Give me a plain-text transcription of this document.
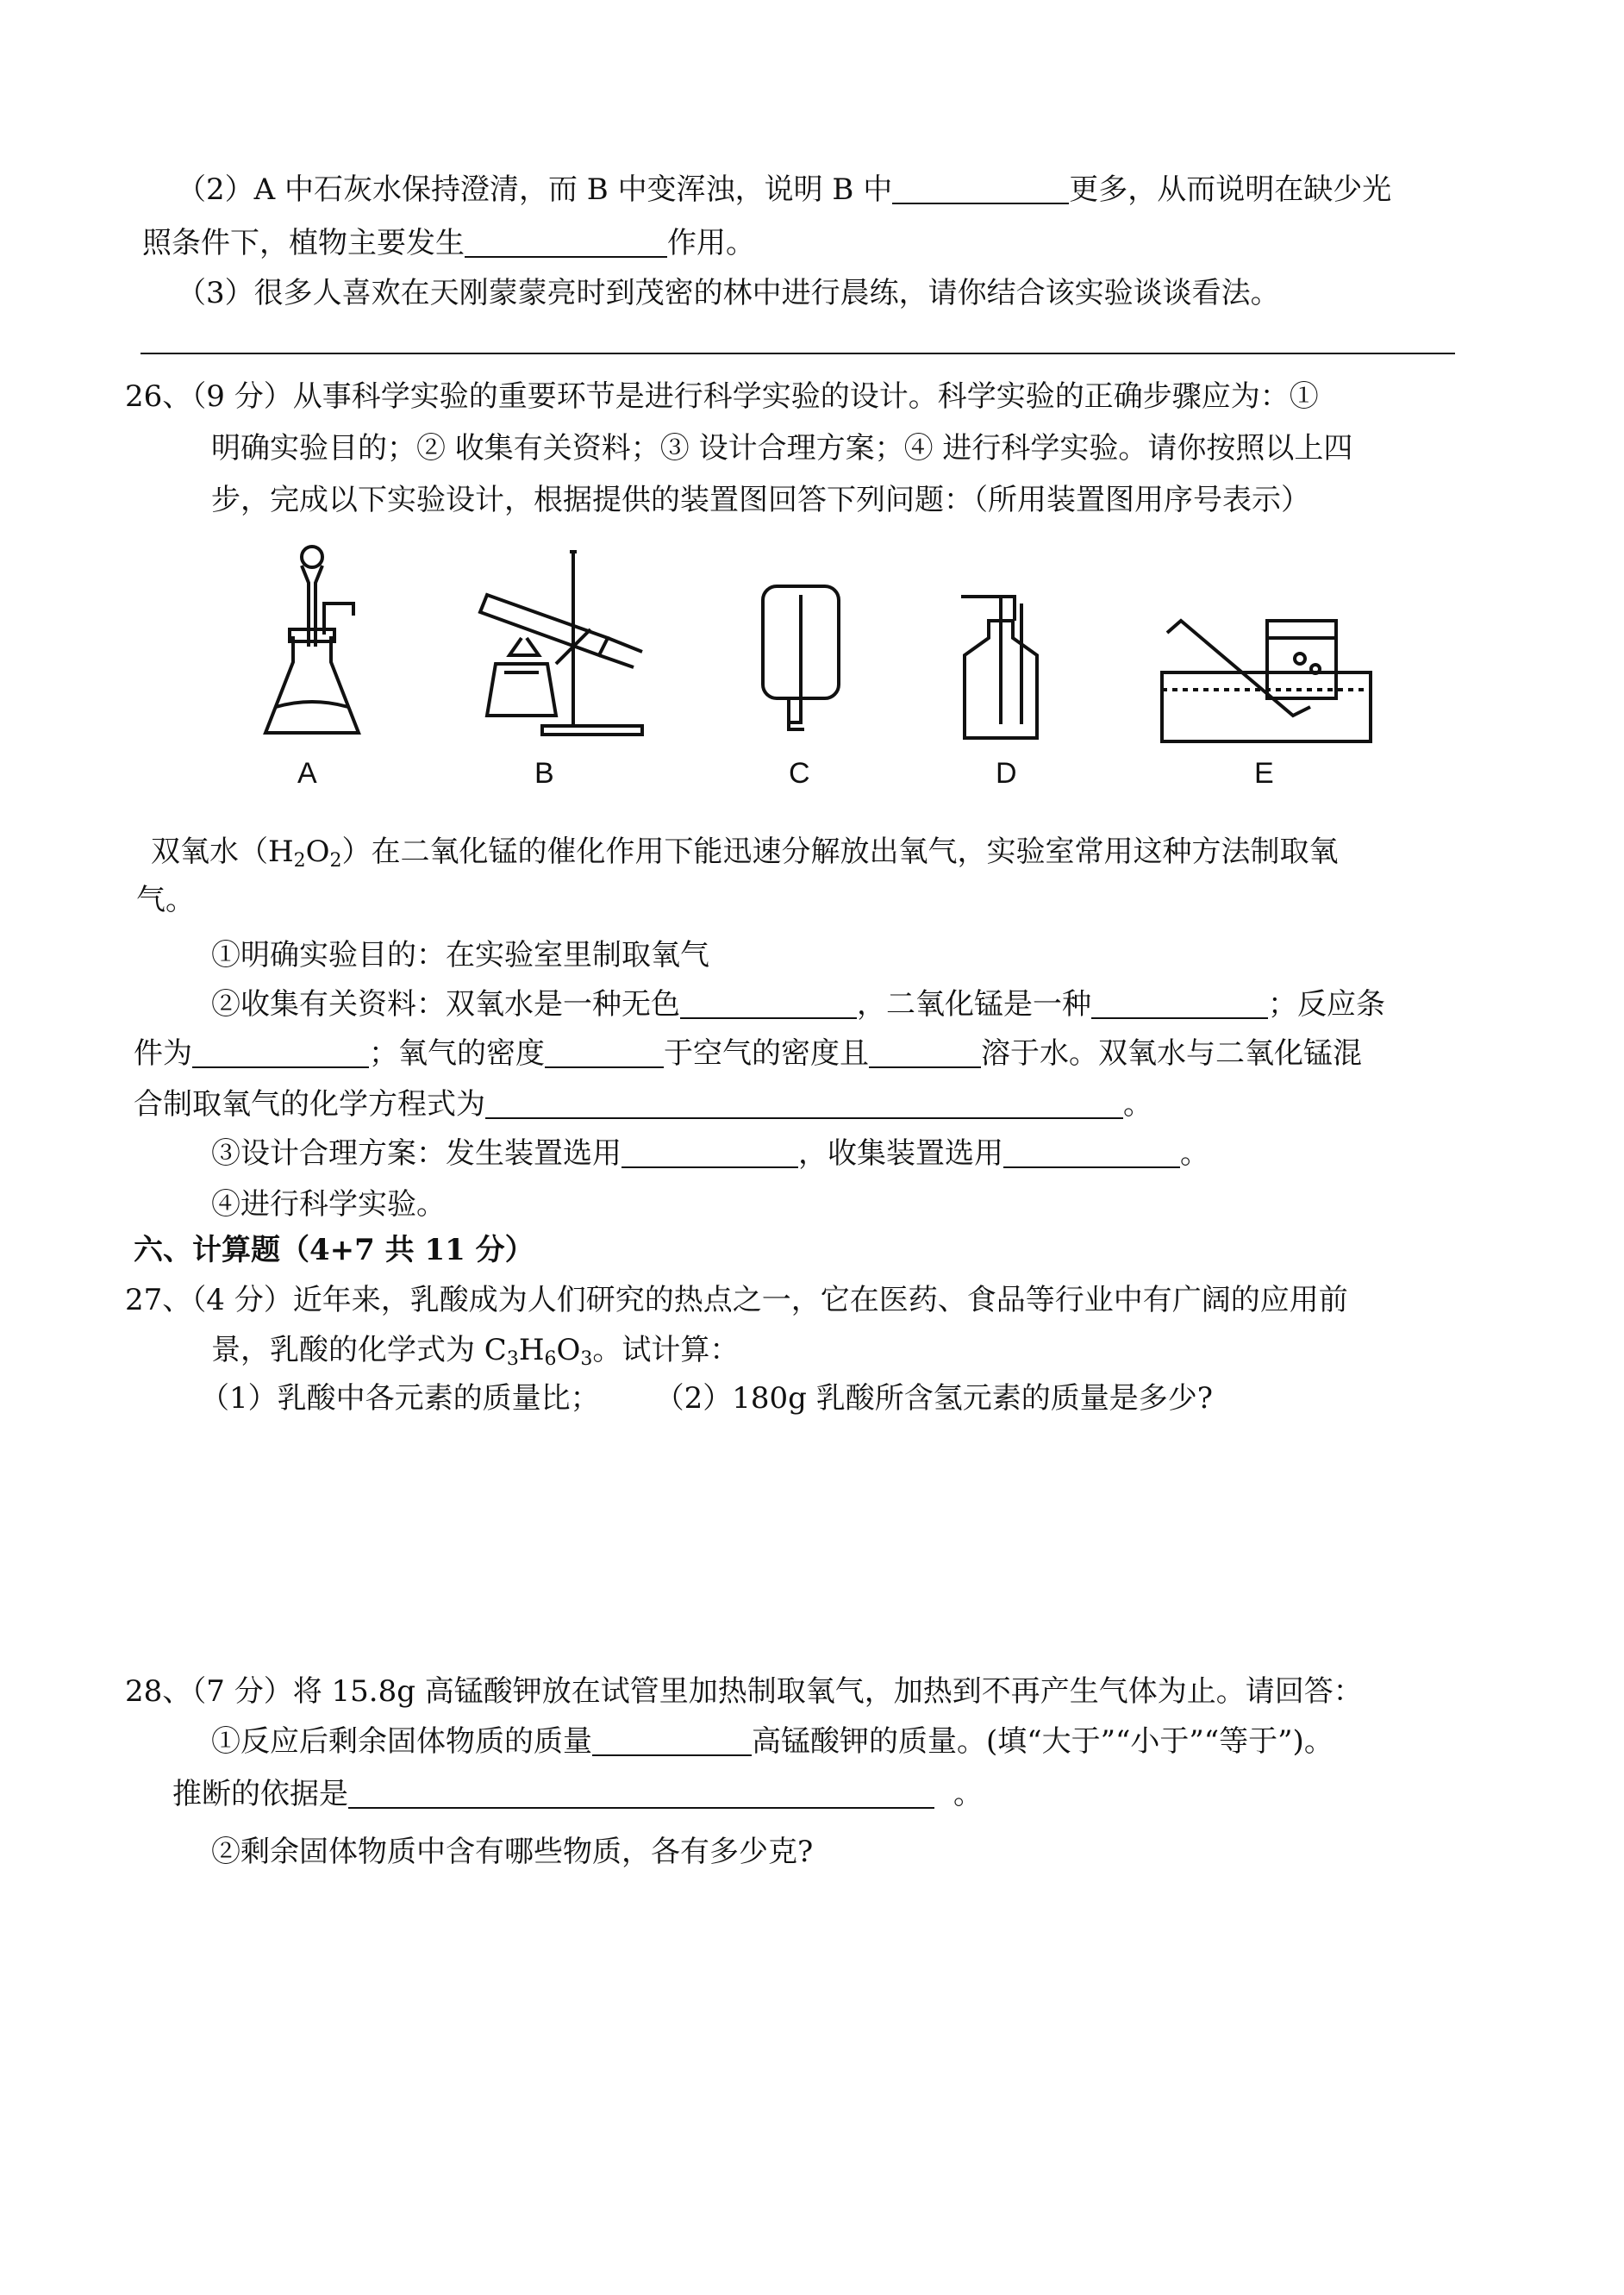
（2）A 中石灰水保持澄清，而 B 中变浑浊，说明 B 中	更多，从而说明在缺少光
照条件下，植物主要发生	作用。
（3）很多人喜欢在天刚蒙蒙亮时到茂密的林中进行晨练，请你结合该实验谈谈看法。
26、（9 分）从事科学实验的重要环节是进行科学实验的设计。科学实验的正确步骤应为：①
明确实验目的；② 收集有关资料；③ 设计合理方案；④ 进行科学实验。请你按照以上四
步，完成以下实验设计，根据提供的装置图回答下列问题：（所用装置图用序号表示）
A	B	C	D	E
双氧水$(H_2O_2)$在二氧化锰的催化作用下能迅速分解放出氧气，实验室常用这种方法制取氧
气。
①明确实验目的：在实验室里制取氧气
②收集有关资料：双氧水是一种无色	，二氧化锰是一种	；反应条
件为	；氧气的密度	于空气的密度且	溶于水。双氧水与二氧化锰混
合制取氧气的化学方程式为	。
③设计合理方案：发生装置选用	，收集装置选用	。
④进行科学实验。
六、计算题（4+7 共 11 分）
27、（4 分）近年来，乳酸成为人们研究的热点之一，它在医药、食品等行业中有广阔的应用前
景，乳酸的化学式为 $C_3H_6O_3$。试计算：
（1）乳酸中各元素的质量比； （2）180g 乳酸所含氢元素的质量是多少?
28、（7 分）将 15.8g 高锰酸钾放在试管里加热制取氧气，加热到不再产生气体为止。请回答：
①反应后剩余固体物质的质量	高锰酸钾的质量。(填“大于”“小于”“等于”)。
推断的依据是	。
②剩余固体物质中含有哪些物质，各有多少克?
